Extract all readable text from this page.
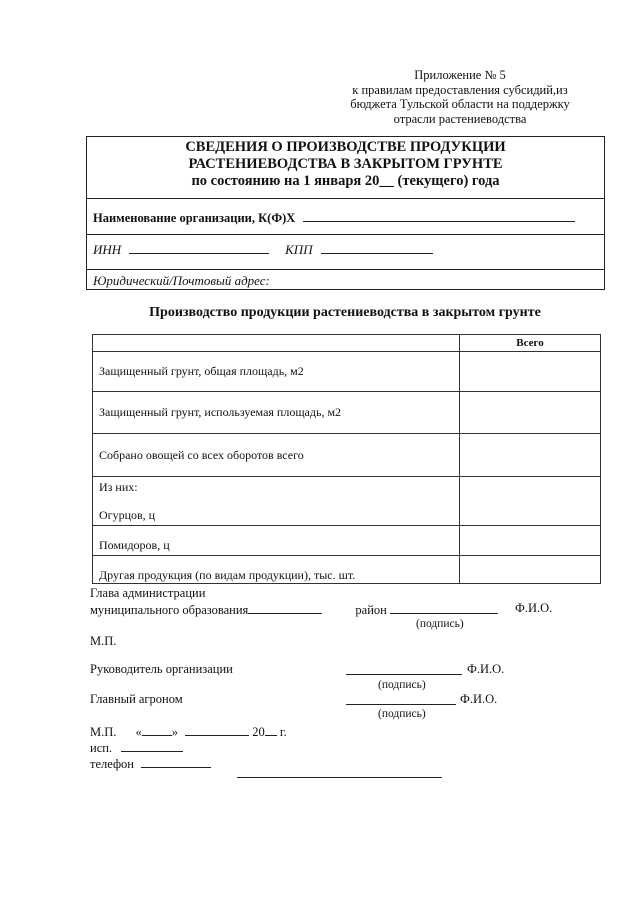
Приложение № 5
к правилам предоставления субсидий,из
бюджета Тульской области на поддержку
отрасли растениеводства
СВЕДЕНИЯ О ПРОИЗВОДСТВЕ ПРОДУКЦИИ
РАСТЕНИЕВОДСТВА В ЗАКРЫТОМ ГРУНТЕ
по состоянию на 1 января 20__ (текущего) года
Наименование организации, К(Ф)Х
ИНН	КПП
Юридический/Почтовый адрес:
Производство продукции растениеводства в закрытом грунте
	Всего
Защищенный грунт, общая площадь, м2	
Защищенный грунт, используемая площадь, м2	
Собрано овощей со всех оборотов всего	

Из них:
Огурцов, ц	

Помидоров, ц	
Другая продукция (по видам продукции), тыс. шт.	
Глава администрации
муниципального образования	район	Ф.И.О.
(подпись)
М.П.
Руководитель организации	Ф.И.О.
(подпись)
Главный агроном	Ф.И.О.
(подпись)
М.П. « »	20 г.
исп.
телефон
